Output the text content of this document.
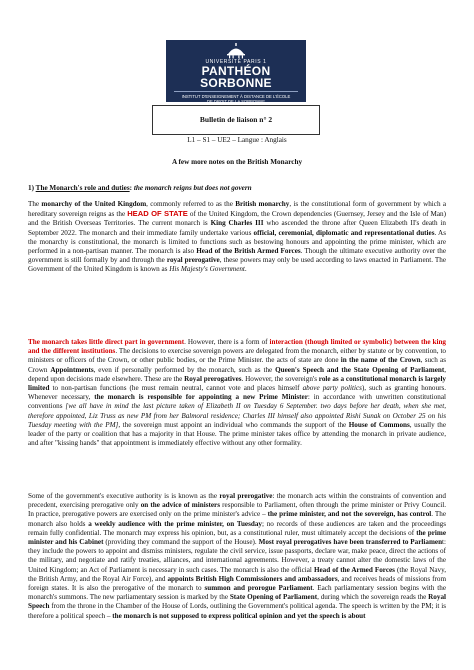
UNIVERSITÉ PARIS 1
PANTHÉON SORBONNE
INSTITUT D'ENSEIGNEMENT À DISTANCE DE L'ÉCOLE DE DROIT DE LA SORBONNE
Bulletin de liaison n° 2
L1 – S1 – UE2 – Langue : Anglais
A few more notes on the British Monarchy
1) The Monarch's role and duties: the monarch reigns but does not govern
The monarchy of the United Kingdom, commonly referred to as the British monarchy, is the constitutional form of government by which a hereditary sovereign reigns as the HEAD OF STATE of the United Kingdom, the Crown dependencies (Guernsey, Jersey and the Isle of Man) and the British Overseas Territories. The current monarch is King Charles III who ascended the throne after Queen Elizabeth II's death in September 2022. The monarch and their immediate family undertake various official, ceremonial, diplomatic and representational duties. As the monarchy is constitutional, the monarch is limited to functions such as bestowing honours and appointing the prime minister, which are performed in a non-partisan manner. The monarch is also Head of the British Armed Forces. Though the ultimate executive authority over the government is still formally by and through the royal prerogative, these powers may only be used according to laws enacted in Parliament. The Government of the United Kingdom is known as His Majesty's Government.
The monarch takes little direct part in government. However, there is a form of interaction (though limited or symbolic) between the king and the different institutions. The decisions to exercise sovereign powers are delegated from the monarch, either by statute or by convention, to ministers or officers of the Crown, or other public bodies, or the Prime Minister. the acts of state are done in the name of the Crown, such as Crown Appointments, even if personally performed by the monarch, such as the Queen's Speech and the State Opening of Parliament, depend upon decisions made elsewhere. These are the Royal prerogatives. However, the sovereign's role as a constitutional monarch is largely limited to non-partisan functions (he must remain neutral, cannot vote and places himself above party politics), such as granting honours. Whenever necessary, the monarch is responsible for appointing a new Prime Minister: in accordance with unwritten constitutional conventions [we all have in mind the last picture taken of Elizabeth II on Tuesday 6 September. two days before her death, when she met, therefore appointed, Liz Truss as new PM from her Balmoral residence; Charles III himself also appointed Rishi Sunak on October 25 on his Tuesday meeting with the PM], the sovereign must appoint an individual who commands the support of the House of Commons, usually the leader of the party or coalition that has a majority in that House. The prime minister takes office by attending the monarch in private audience, and after "kissing hands" that appointment is immediately effective without any other formality.
Some of the government's executive authority is is known as the royal prerogative: the monarch acts within the constraints of convention and precedent, exercising prerogative only on the advice of ministers responsible to Parliament, often through the prime minister or Privy Council. In practice, prerogative powers are exercised only on the prime minister's advice – the prime minister, and not the sovereign, has control. The monarch also holds a weekly audience with the prime minister, on Tuesday; no records of these audiences are taken and the proceedings remain fully confidential. The monarch may express his opinion, but, as a constitutional ruler, must ultimately accept the decisions of the prime minister and his Cabinet (providing they command the support of the House). Most royal prerogatives have been transferred to Parliament: they include the powers to appoint and dismiss ministers, regulate the civil service, issue passports, declare war, make peace, direct the actions of the military, and negotiate and ratify treaties, alliances, and international agreements. However, a treaty cannot alter the domestic laws of the United Kingdom; an Act of Parliament is necessary in such cases. The monarch is also the official Head of the Armed Forces (the Royal Navy, the British Army, and the Royal Air Force), and appoints British High Commissioners and ambassadors, and receives heads of missions from foreign states. It is also the prerogative of the monarch to summon and prorogue Parliament. Each parliamentary session begins with the monarch's summons. The new parliamentary session is marked by the State Opening of Parliament, during which the sovereign reads the Royal Speech from the throne in the Chamber of the House of Lords, outlining the Government's political agenda. The speech is written by the PM; it is therefore a political speech – the monarch is not supposed to express political opinion and yet the speech is about
